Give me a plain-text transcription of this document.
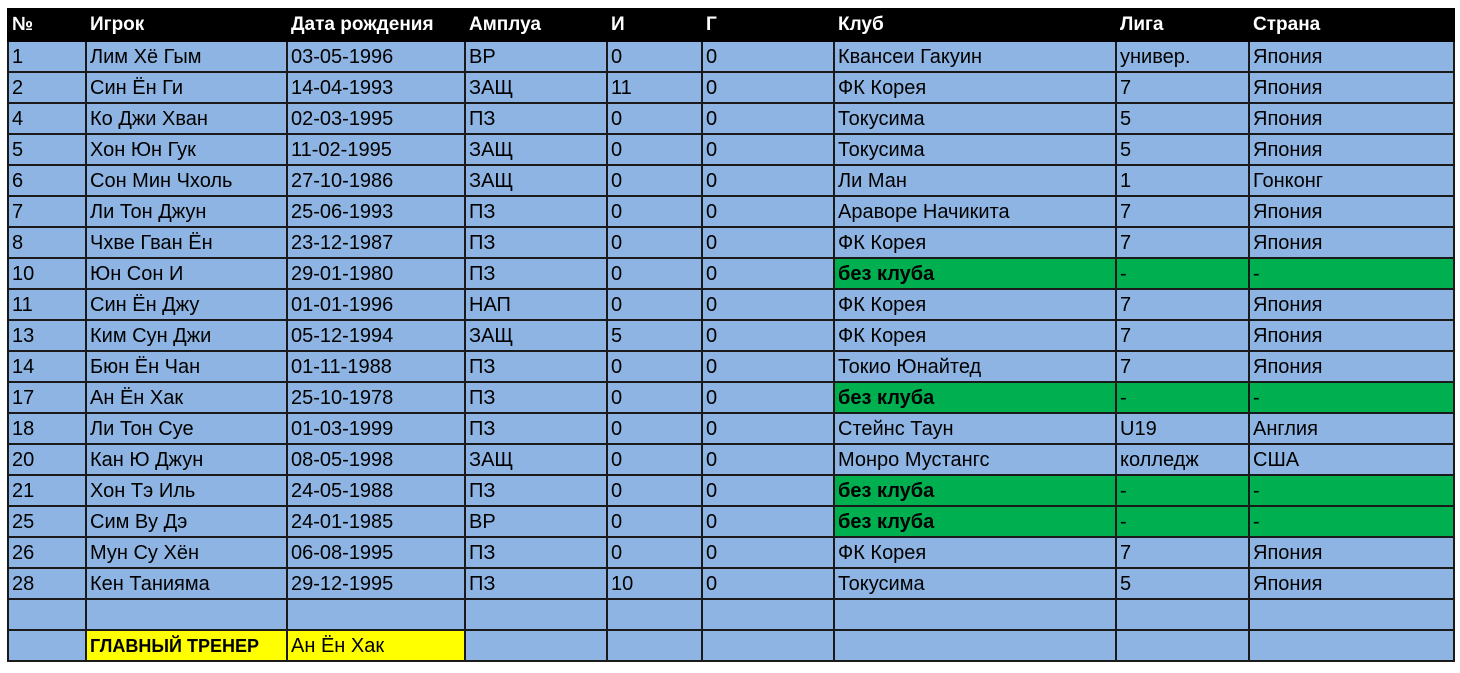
№	Игрок	Дата рождения	Амплуа	И	Г	Клуб	Лига	Страна
1	Лим Хё Гым	03-05-1996	ВР	0	0	Квансеи Гакуин	универ.	Япония
2	Син Ён Ги	14-04-1993	ЗАЩ	11	0	ФК Корея	7	Япония
4	Ко Джи Хван	02-03-1995	ПЗ	0	0	Токусима	5	Япония
5	Хон Юн Гук	11-02-1995	ЗАЩ	0	0	Токусима	5	Япония
6	Сон Мин Чхоль	27-10-1986	ЗАЩ	0	0	Ли Ман	1	Гонконг
7	Ли Тон Джун	25-06-1993	ПЗ	0	0	Араворе Начикита	7	Япония
8	Чхве Гван Ён	23-12-1987	ПЗ	0	0	ФК Корея	7	Япония
10	Юн Сон И	29-01-1980	ПЗ	0	0	без клуба	-	-
11	Син Ён Джу	01-01-1996	НАП	0	0	ФК Корея	7	Япония
13	Ким Сун Джи	05-12-1994	ЗАЩ	5	0	ФК Корея	7	Япония
14	Бюн Ён Чан	01-11-1988	ПЗ	0	0	Токио Юнайтед	7	Япония
17	Ан Ён Хак	25-10-1978	ПЗ	0	0	без клуба	-	-
18	Ли Тон Суе	01-03-1999	ПЗ	0	0	Стейнс Таун	U19	Англия
20	Кан Ю Джун	08-05-1998	ЗАЩ	0	0	Монро Мустангс	колледж	США
21	Хон Тэ Иль	24-05-1988	ПЗ	0	0	без клуба	-	-
25	Сим Ву Дэ	24-01-1985	ВР	0	0	без клуба	-	-
26	Мун Су Хён	06-08-1995	ПЗ	0	0	ФК Корея	7	Япония
28	Кен Танияма	29-12-1995	ПЗ	10	0	Токусима	5	Япония

	ГЛАВНЫЙ ТРЕНЕР	Ан Ён Хак						
